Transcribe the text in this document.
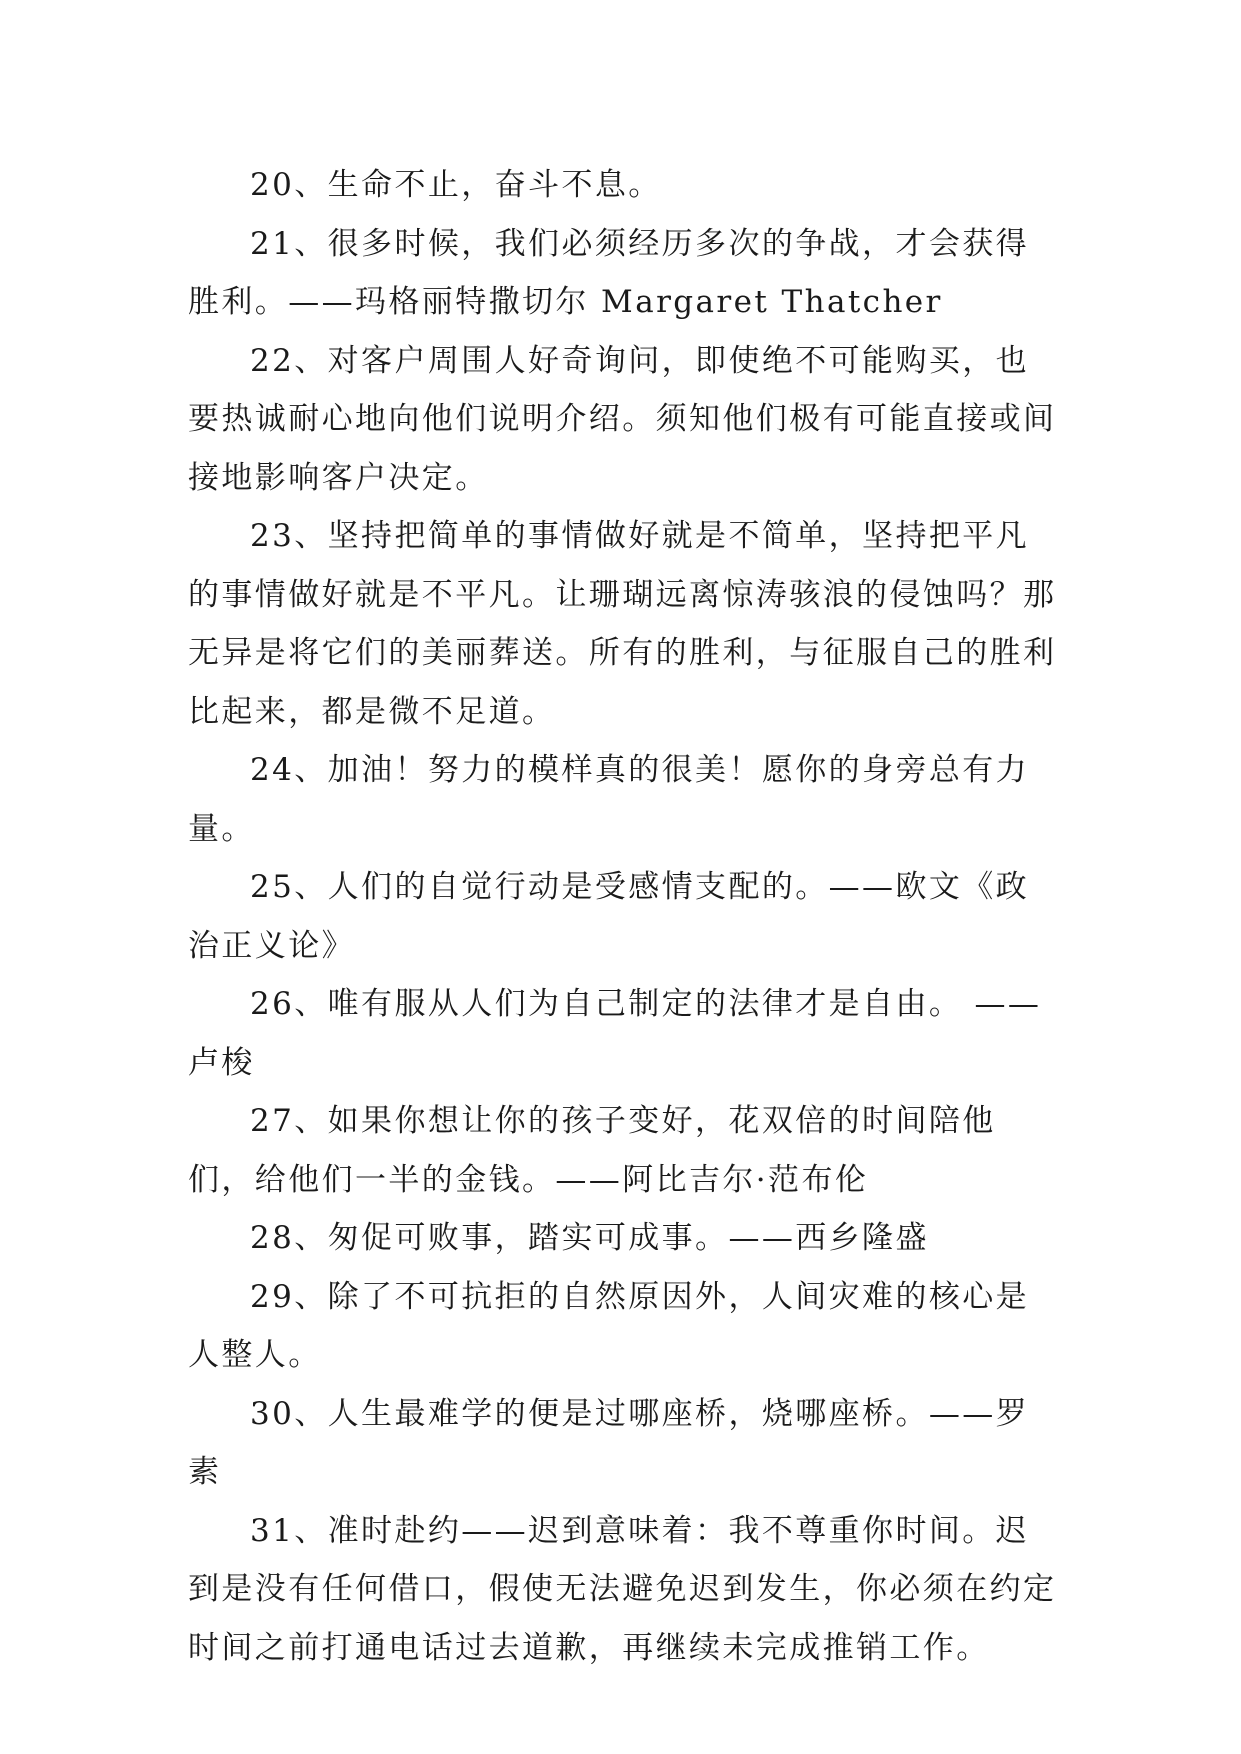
20、生命不止，奋斗不息。

21、很多时候，我们必须经历多次的争战，才会获得胜利。——玛格丽特撒切尔 Margaret Thatcher

22、对客户周围人好奇询问，即使绝不可能购买，也要热诚耐心地向他们说明介绍。须知他们极有可能直接或间接地影响客户决定。

23、坚持把简单的事情做好就是不简单，坚持把平凡的事情做好就是不平凡。让珊瑚远离惊涛骇浪的侵蚀吗？那无异是将它们的美丽葬送。所有的胜利，与征服自己的胜利比起来，都是微不足道。

24、加油！努力的模样真的很美！愿你的身旁总有力量。

25、人们的自觉行动是受感情支配的。——欧文《政治正义论》

26、唯有服从人们为自己制定的法律才是自由。 ——卢梭

27、如果你想让你的孩子变好，花双倍的时间陪他们，给他们一半的金钱。——阿比吉尔·范布伦

28、匆促可败事，踏实可成事。——西乡隆盛

29、除了不可抗拒的自然原因外，人间灾难的核心是人整人。

30、人生最难学的便是过哪座桥，烧哪座桥。——罗素

31、准时赴约——迟到意味着：我不尊重你时间。迟到是没有任何借口，假使无法避免迟到发生，你必须在约定时间之前打通电话过去道歉，再继续未完成推销工作。
